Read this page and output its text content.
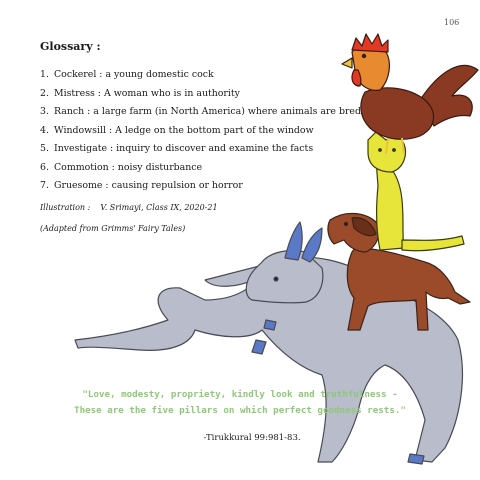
106
Glossary :
1. Cockerel : a young domestic cock
2. Mistress : A woman who is in authority
3. Ranch : a large farm (in North America) where animals are bred
4. Windowsill : A ledge on the bottom part of the window
5. Investigate : inquiry to discover and examine the facts
6. Commotion : noisy disturbance
7. Gruesome : causing repulsion or horror
Illustration : V. Srimayi, Class IX, 2020-21
(Adapted from Grimms' Fairy Tales)
"Love, modesty, propriety, kindly look and truthfulness -
These are the five pillars on which perfect goodness rests."
-Tirukkural 99:981-83.
